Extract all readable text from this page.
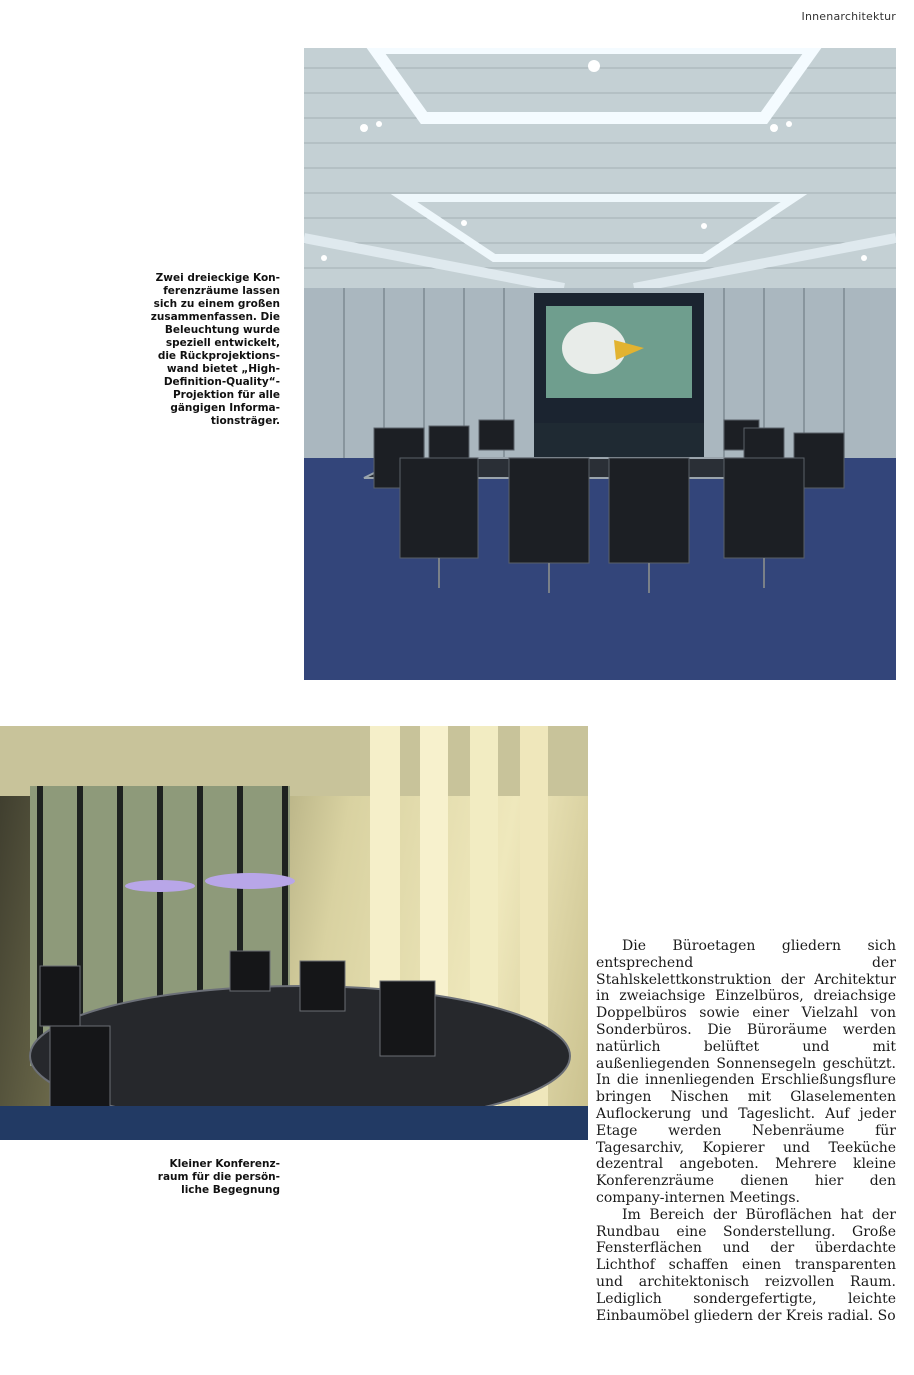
Innenarchitektur
Zwei dreieckige Kon-
ferenzräume lassen
sich zu einem großen
zusammenfassen. Die
Beleuchtung wurde
speziell entwickelt,
die Rückprojektions-
wand bietet „High-
Definition-Quality“-
Projektion für alle
gängigen Informa-
tionsträger.
Kleiner Konferenz-
raum für die persön-
liche Begegnung

Die Büroetagen gliedern sich entsprechend der Stahlskelettkonstruktion der Architektur in zweiachsige Einzelbüros, dreiachsige Doppelbüros sowie einer Vielzahl von Sonderbüros. Die Büroräume werden natürlich belüftet und mit außenliegenden Sonnensegeln geschützt. In die innenliegenden Erschließungsflure bringen Nischen mit Glaselementen Auflockerung und Tageslicht. Auf jeder Etage werden Nebenräume für Tagesarchiv, Kopierer und Teeküche dezentral angeboten. Mehrere kleine Konferenzräume dienen hier den company-internen Meetings.

Im Bereich der Büroflächen hat der Rundbau eine Sonderstellung. Große Fensterflächen und der überdachte Lichthof schaffen einen transparenten und architektonisch reizvollen Raum. Lediglich sondergefertigte, leichte Einbaumöbel gliedern der Kreis radial. So
